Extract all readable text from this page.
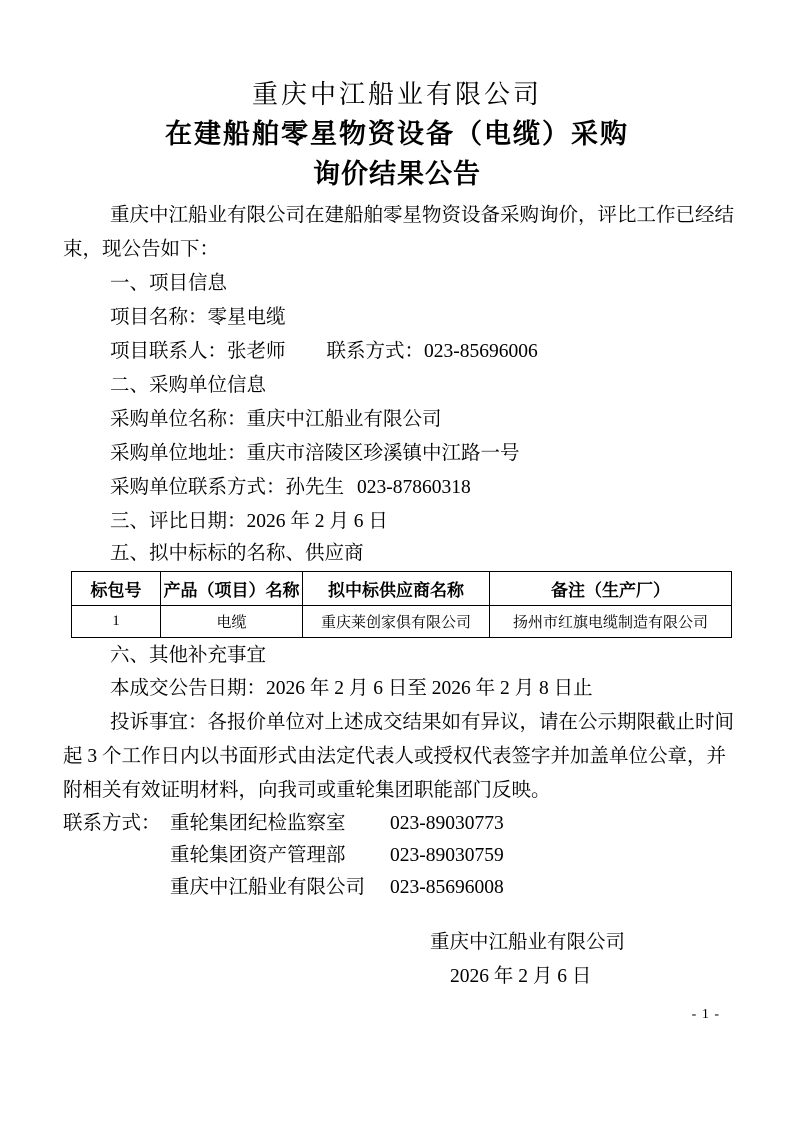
重庆中江船业有限公司
在建船舶零星物资设备（电缆）采购
询价结果公告
重庆中江船业有限公司在建船舶零星物资设备采购询价，评比工作已经结
束，现公告如下：
一、项目信息
项目名称：零星电缆
项目联系人：张老师 联系方式：023-85696006
二、采购单位信息
采购单位名称：重庆中江船业有限公司
采购单位地址：重庆市涪陵区珍溪镇中江路一号
采购单位联系方式：孙先生 023-87860318
三、评比日期：2026 年 2 月 6 日
五、拟中标标的名称、供应商
标包号	产品（项目）名称	拟中标供应商名称	备注（生产厂）
1	电缆	重庆莱创家俱有限公司	扬州市红旗电缆制造有限公司
六、其他补充事宜
本成交公告日期：2026 年 2 月 6 日至 2026 年 2 月 8 日止
投诉事宜：各报价单位对上述成交结果如有异议，请在公示期限截止时间
起 3 个工作日内以书面形式由法定代表人或授权代表签字并加盖单位公章，并
附相关有效证明材料，向我司或重轮集团职能部门反映。
联系方式： 重轮集团纪检监察室	023-89030773
重轮集团资产管理部	023-89030759
重庆中江船业有限公司	023-85696008
重庆中江船业有限公司
2026 年 2 月 6 日
- 1 -
